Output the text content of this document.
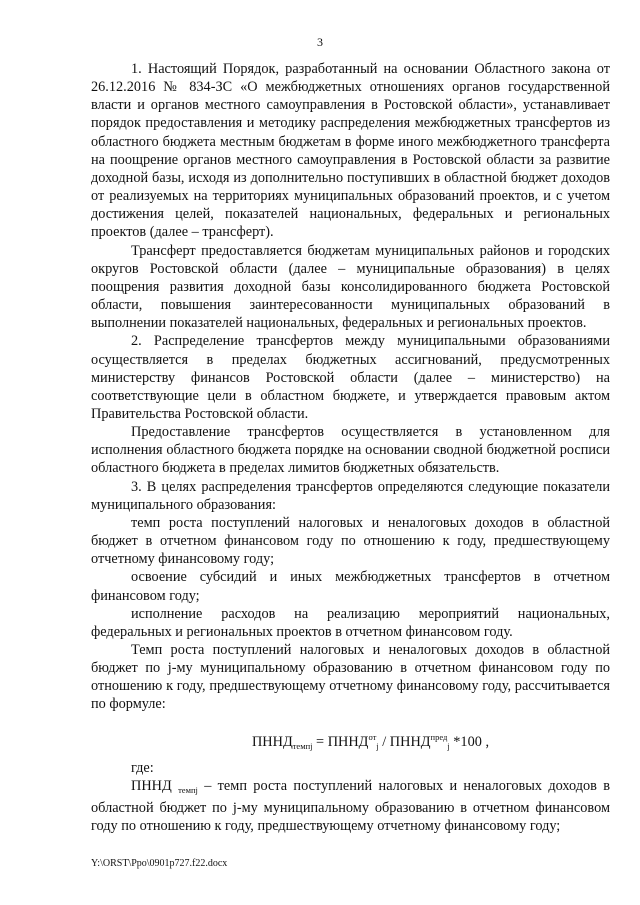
3

1. Настоящий Порядок, разработанный на основании Областного закона от 26.12.2016 № 834-ЗС «О межбюджетных отношениях органов государственной власти и органов местного самоуправления в Ростовской области», устанавливает порядок предоставления и методику распределения межбюджетных трансфертов из областного бюджета местным бюджетам в форме иного межбюджетного трансферта на поощрение органов местного самоуправления в Ростовской области за развитие доходной базы, исходя из дополнительно поступивших в областной бюджет доходов от реализуемых на территориях муниципальных образований проектов, и с учетом достижения целей, показателей национальных, федеральных и региональных проектов (далее – трансферт).

Трансферт предоставляется бюджетам муниципальных районов и городских округов Ростовской области (далее – муниципальные образования) в целях поощрения развития доходной базы консолидированного бюджета Ростовской области, повышения заинтересованности муниципальных образований в выполнении показателей национальных, федеральных и региональных проектов.

2. Распределение трансфертов между муниципальными образованиями осуществляется в пределах бюджетных ассигнований, предусмотренных министерству финансов Ростовской области (далее – министерство) на соответствующие цели в областном бюджете, и утверждается правовым актом Правительства Ростовской области.

Предоставление трансфертов осуществляется в установленном для исполнения областного бюджета порядке на основании сводной бюджетной росписи областного бюджета в пределах лимитов бюджетных обязательств.

3. В целях распределения трансфертов определяются следующие показатели муниципального образования:

темп роста поступлений налоговых и неналоговых доходов в областной бюджет в отчетном финансовом году по отношению к году, предшествующему отчетному финансовому году;

освоение субсидий и иных межбюджетных трансфертов в отчетном финансовом году;

исполнение расходов на реализацию мероприятий национальных, федеральных и региональных проектов в отчетном финансовом году.

Темп роста поступлений налоговых и неналоговых доходов в областной бюджет по j-му муниципальному образованию в отчетном финансовом году по отношению к году, предшествующему отчетному финансовому году, рассчитывается по формуле:

$ПННД_{темпj}$ = $ПННД^{от}_j$ / $ПННД^{пред}_j$ *100 ,

где:

ПННД $_{темпj}$ – темп роста поступлений налоговых и неналоговых доходов в областной бюджет по j-му муниципальному образованию в отчетном финансовом году по отношению к году, предшествующему отчетному финансовому году;

Y:\ORST\Ppo\0901p727.f22.docx
